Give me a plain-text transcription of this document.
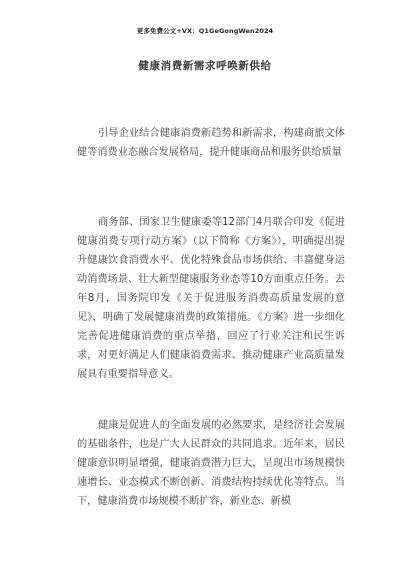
更多免费公文+VX：Q1GeGongWen2024
健康消费新需求呼唤新供给

引导企业结合健康消费新趋势和新需求，构建商旅文体健等消费业态融合发展格局，提升健康商品和服务供给质量

商务部、国家卫生健康委等12部门4月联合印发《促进健康消费专项行动方案》（以下简称《方案》），明确提出提升健康饮食消费水平、优化特殊食品市场供给、丰富健身运动消费场景、壮大新型健康服务业态等10方面重点任务。去年8月，国务院印发《关于促进服务消费高质量发展的意见》，明确了发展健康消费的政策措施。《方案》进一步细化完善促进健康消费的重点举措，回应了行业关注和民生诉求，对更好满足人们健康消费需求、推动健康产业高质量发展具有重要指导意义。

健康是促进人的全面发展的必然要求，是经济社会发展的基础条件，也是广大人民群众的共同追求。近年来，居民健康意识明显增强，健康消费潜力巨大，呈现出市场规模快速增长、业态模式不断创新、消费结构持续优化等特点。当下，健康消费市场规模不断扩容，新业态、新模
